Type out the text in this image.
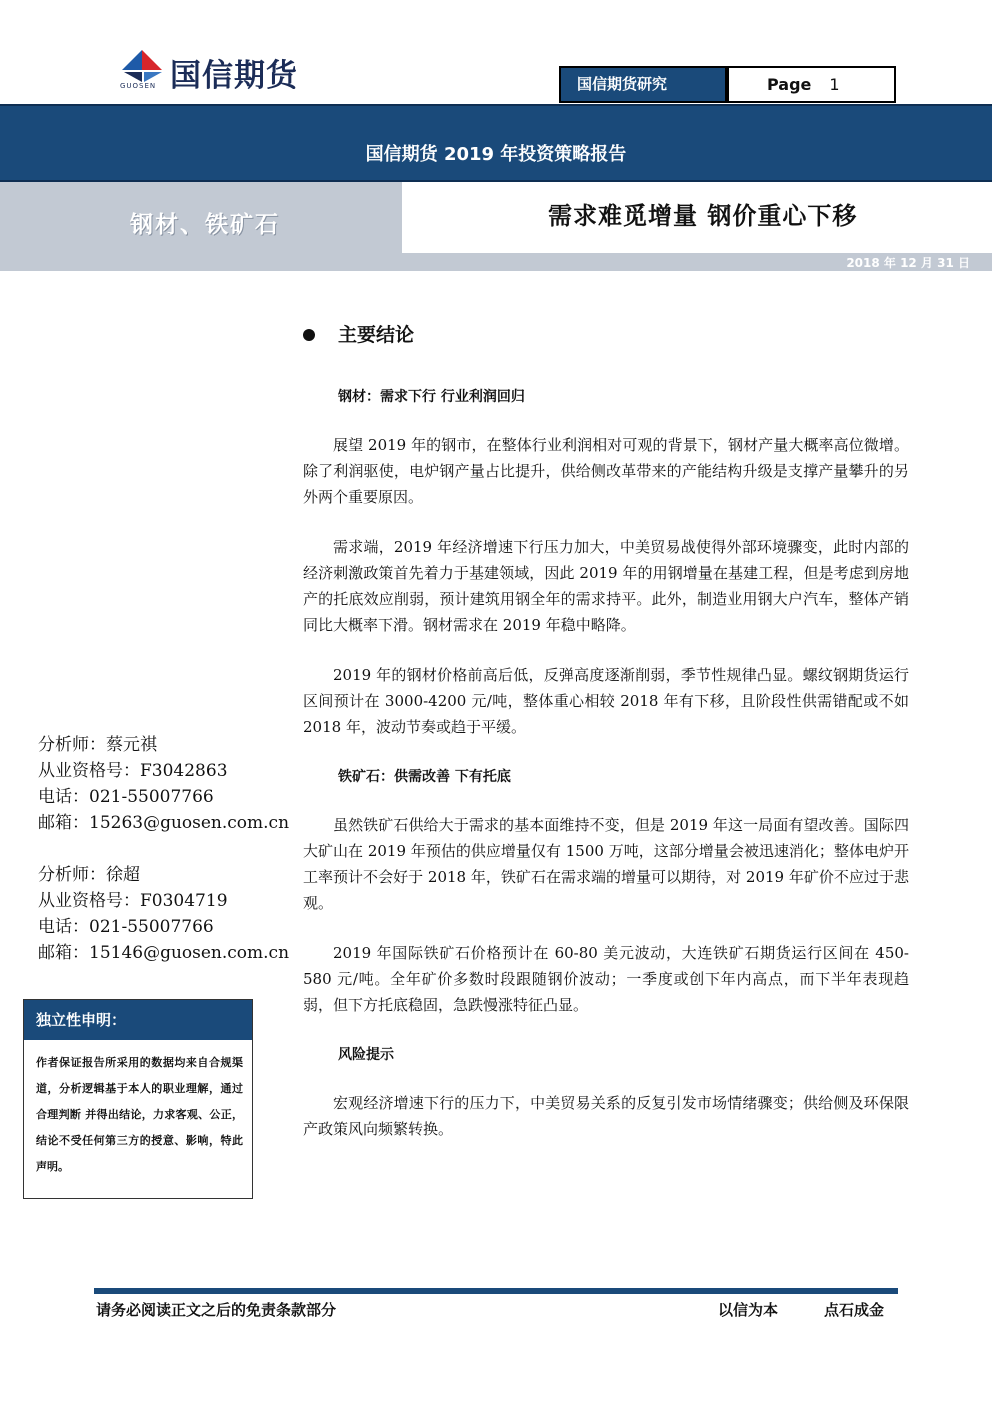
国信期货
GUOSEN	国信期货研究	Page 1
国信期货 2019 年投资策略报告
钢材、铁矿石	需求难觅增量 钢价重心下移
2018 年 12 月 31 日
主要结论
钢材：需求下行 行业利润回归
展望 2019 年的钢市，在整体行业利润相对可观的背景下，钢材产量大概率高位微增。除了利润驱使，电炉钢产量占比提升，供给侧改革带来的产能结构升级是支撑产量攀升的另外两个重要原因。
需求端，2019 年经济增速下行压力加大，中美贸易战使得外部环境骤变，此时内部的经济刺激政策首先着力于基建领域，因此 2019 年的用钢增量在基建工程，但是考虑到房地产的托底效应削弱，预计建筑用钢全年的需求持平。此外，制造业用钢大户汽车，整体产销同比大概率下滑。钢材需求在 2019 年稳中略降。
2019 年的钢材价格前高后低，反弹高度逐渐削弱，季节性规律凸显。螺纹钢期货运行区间预计在 3000-4200 元/吨，整体重心相较 2018 年有下移，且阶段性供需错配或不如 2018 年，波动节奏或趋于平缓。
铁矿石：供需改善 下有托底
虽然铁矿石供给大于需求的基本面维持不变，但是 2019 年这一局面有望改善。国际四大矿山在 2019 年预估的供应增量仅有 1500 万吨，这部分增量会被迅速消化；整体电炉开工率预计不会好于 2018 年，铁矿石在需求端的增量可以期待，对 2019 年矿价不应过于悲观。
2019 年国际铁矿石价格预计在 60-80 美元波动，大连铁矿石期货运行区间在 450-580 元/吨。全年矿价多数时段跟随钢价波动；一季度或创下年内高点，而下半年表现趋弱，但下方托底稳固，急跌慢涨特征凸显。
风险提示
宏观经济增速下行的压力下，中美贸易关系的反复引发市场情绪骤变；供给侧及环保限产政策风向频繁转换。
分析师：蔡元祺
从业资格号：F3042863
电话：021-55007766
邮箱：15263@guosen.com.cn
分析师：徐超
从业资格号：F0304719
电话：021-55007766
邮箱：15146@guosen.com.cn
独立性申明：
作者保证报告所采用的数据均来自合规渠道，分析逻辑基于本人的职业理解，通过合理判断 并得出结论，力求客观、公正，结论不受任何第三方的授意、影响，特此声明。
请务必阅读正文之后的免责条款部分	以信为本	点石成金
